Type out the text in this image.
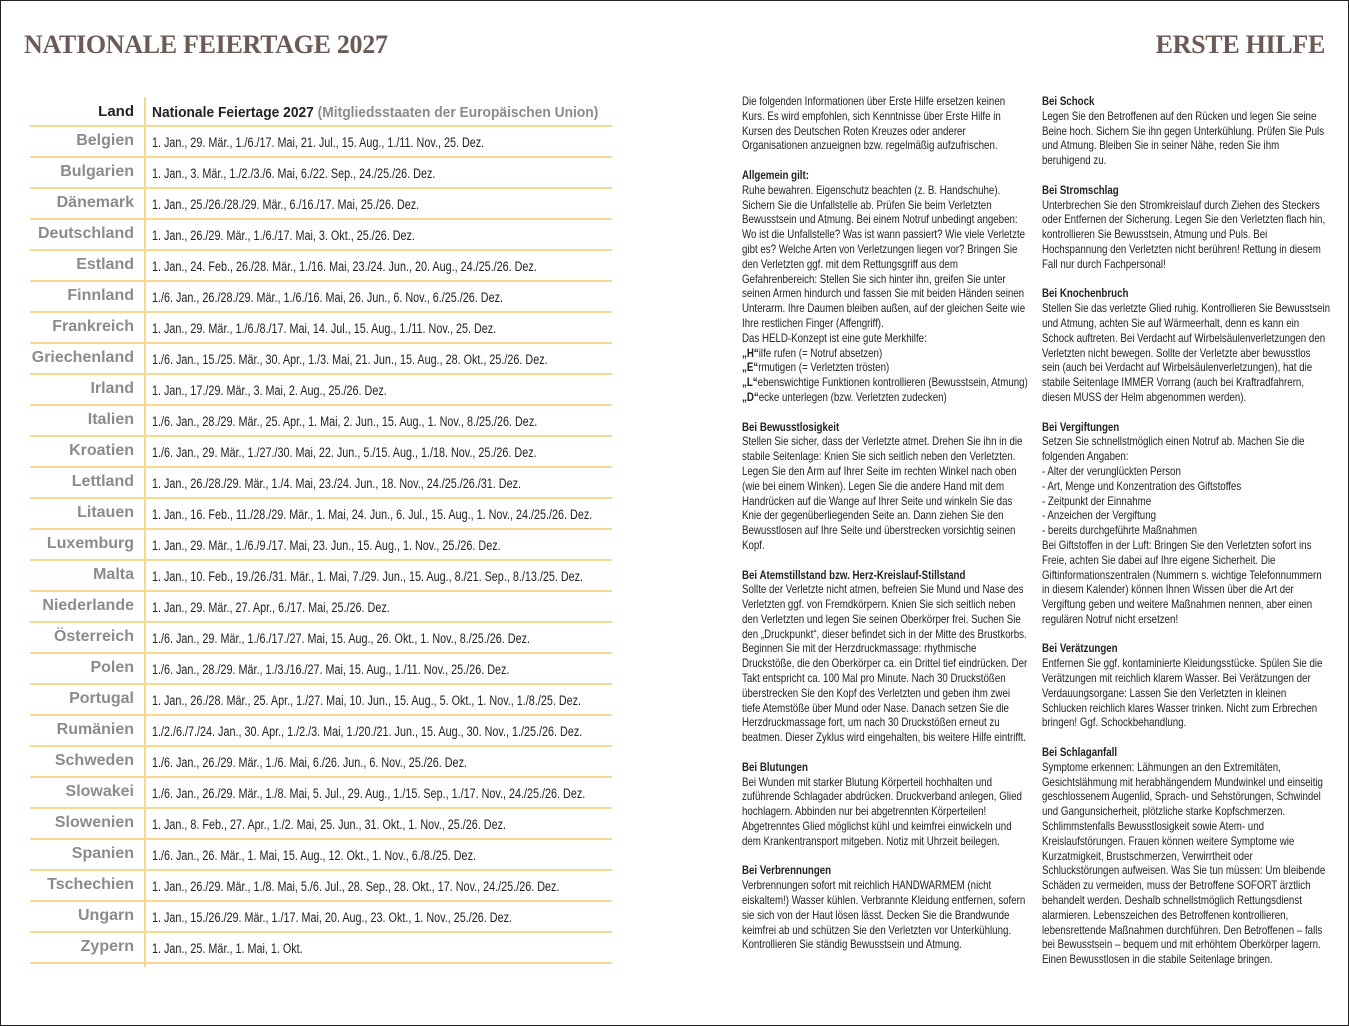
NATIONALE FEIERTAGE 2027	ERSTE HILFE
Land Nationale Feiertage 2027 (Mitgliedsstaaten der Europäischen Union)
Belgien 1. Jan., 29. Mär., 1./6./17. Mai, 21. Jul., 15. Aug., 1./11. Nov., 25. Dez.
Bulgarien 1. Jan., 3. Mär., 1./2./3./6. Mai, 6./22. Sep., 24./25./26. Dez.
Dänemark 1. Jan., 25./26./28./29. Mär., 6./16./17. Mai, 25./26. Dez.
Deutschland 1. Jan., 26./29. Mär., 1./6./17. Mai, 3. Okt., 25./26. Dez.
Estland 1. Jan., 24. Feb., 26./28. Mär., 1./16. Mai, 23./24. Jun., 20. Aug., 24./25./26. Dez.
Finnland 1./6. Jan., 26./28./29. Mär., 1./6./16. Mai, 26. Jun., 6. Nov., 6./25./26. Dez.
Frankreich 1. Jan., 29. Mär., 1./6./8./17. Mai, 14. Jul., 15. Aug., 1./11. Nov., 25. Dez.
Griechenland 1./6. Jan., 15./25. Mär., 30. Apr., 1./3. Mai, 21. Jun., 15. Aug., 28. Okt., 25./26. Dez.
Irland 1. Jan., 17./29. Mär., 3. Mai, 2. Aug., 25./26. Dez.
Italien 1./6. Jan., 28./29. Mär., 25. Apr., 1. Mai, 2. Jun., 15. Aug., 1. Nov., 8./25./26. Dez.
Kroatien 1./6. Jan., 29. Mär., 1./27./30. Mai, 22. Jun., 5./15. Aug., 1./18. Nov., 25./26. Dez.
Lettland 1. Jan., 26./28./29. Mär., 1./4. Mai, 23./24. Jun., 18. Nov., 24./25./26./31. Dez.
Litauen 1. Jan., 16. Feb., 11./28./29. Mär., 1. Mai, 24. Jun., 6. Jul., 15. Aug., 1. Nov., 24./25./26. Dez.
Luxemburg 1. Jan., 29. Mär., 1./6./9./17. Mai, 23. Jun., 15. Aug., 1. Nov., 25./26. Dez.
Malta 1. Jan., 10. Feb., 19./26./31. Mär., 1. Mai, 7./29. Jun., 15. Aug., 8./21. Sep., 8./13./25. Dez.
Niederlande 1. Jan., 29. Mär., 27. Apr., 6./17. Mai, 25./26. Dez.
Österreich 1./6. Jan., 29. Mär., 1./6./17./27. Mai, 15. Aug., 26. Okt., 1. Nov., 8./25./26. Dez.
Polen 1./6. Jan., 28./29. Mär., 1./3./16./27. Mai, 15. Aug., 1./11. Nov., 25./26. Dez.
Portugal 1. Jan., 26./28. Mär., 25. Apr., 1./27. Mai, 10. Jun., 15. Aug., 5. Okt., 1. Nov., 1./8./25. Dez.
Rumänien 1./2./6./7./24. Jan., 30. Apr., 1./2./3. Mai, 1./20./21. Jun., 15. Aug., 30. Nov., 1./25./26. Dez.
Schweden 1./6. Jan., 26./29. Mär., 1./6. Mai, 6./26. Jun., 6. Nov., 25./26. Dez.
Slowakei 1./6. Jan., 26./29. Mär., 1./8. Mai, 5. Jul., 29. Aug., 1./15. Sep., 1./17. Nov., 24./25./26. Dez.
Slowenien 1. Jan., 8. Feb., 27. Apr., 1./2. Mai, 25. Jun., 31. Okt., 1. Nov., 25./26. Dez.
Spanien 1./6. Jan., 26. Mär., 1. Mai, 15. Aug., 12. Okt., 1. Nov., 6./8./25. Dez.
Tschechien 1. Jan., 26./29. Mär., 1./8. Mai, 5./6. Jul., 28. Sep., 28. Okt., 17. Nov., 24./25./26. Dez.
Ungarn 1. Jan., 15./26./29. Mär., 1./17. Mai, 20. Aug., 23. Okt., 1. Nov., 25./26. Dez.
Zypern 1. Jan., 25. Mär., 1. Mai, 1. Okt.

Die folgenden Informationen über Erste Hilfe ersetzen keinen Kurs. Es wird empfohlen, sich Kenntnisse über Erste Hilfe in Kursen des Deutschen Roten Kreuzes oder anderer Organisationen anzueignen bzw. regelmäßig aufzufrischen.

Allgemein gilt:

Ruhe bewahren. Eigenschutz beachten (z. B. Handschuhe). Sichern Sie die Unfallstelle ab. Prüfen Sie beim Verletzten Bewusstsein und Atmung. Bei einem Notruf unbedingt angeben: Wo ist die Unfallstelle? Was ist wann passiert? Wie viele Verletzte gibt es? Welche Arten von Verletzungen liegen vor? Bringen Sie den Verletzten ggf. mit dem Rettungsgriff aus dem Gefahrenbereich: Stellen Sie sich hinter ihn, greifen Sie unter seinen Armen hindurch und fassen Sie mit beiden Händen seinen Unterarm. Ihre Daumen bleiben außen, auf der gleichen Seite wie Ihre restlichen Finger (Affengriff).

Das HELD-Konzept ist eine gute Merkhilfe:

„H“ilfe rufen (= Notruf absetzen)

„E“rmutigen (= Verletzten trösten)

„L“ebenswichtige Funktionen kontrollieren (Bewusstsein, Atmung)

„D“ecke unterlegen (bzw. Verletzten zudecken)

Bei Bewusstlosigkeit

Stellen Sie sicher, dass der Verletzte atmet. Drehen Sie ihn in die stabile Seitenlage: Knien Sie sich seitlich neben den Verletzten. Legen Sie den Arm auf Ihrer Seite im rechten Winkel nach oben (wie bei einem Winken). Legen Sie die andere Hand mit dem Handrücken auf die Wange auf Ihrer Seite und winkeln Sie das Knie der gegenüberliegenden Seite an. Dann ziehen Sie den Bewusstlosen auf Ihre Seite und überstrecken vorsichtig seinen Kopf.

Bei Atemstillstand bzw. Herz-Kreislauf-Stillstand

Sollte der Verletzte nicht atmen, befreien Sie Mund und Nase des Verletzten ggf. von Fremdkörpern. Knien Sie sich seitlich neben den Verletzten und legen Sie seinen Oberkörper frei. Suchen Sie den „Druckpunkt“, dieser befindet sich in der Mitte des Brustkorbs. Beginnen Sie mit der Herzdruckmassage: rhythmische Druckstöße, die den Oberkörper ca. ein Drittel tief eindrücken. Der Takt entspricht ca. 100 Mal pro Minute. Nach 30 Druckstößen überstrecken Sie den Kopf des Verletzten und geben ihm zwei tiefe Atemstöße über Mund oder Nase. Danach setzen Sie die Herzdruckmassage fort, um nach 30 Druckstößen erneut zu beatmen. Dieser Zyklus wird eingehalten, bis weitere Hilfe eintrifft.

Bei Blutungen

Bei Wunden mit starker Blutung Körperteil hochhalten und zuführende Schlagader abdrücken. Druckverband anlegen, Glied hochlagern. Abbinden nur bei abgetrennten Körperteilen! Abgetrenntes Glied möglichst kühl und keimfrei einwickeln und dem Krankentransport mitgeben. Notiz mit Uhrzeit beilegen.

Bei Verbrennungen

Verbrennungen sofort mit reichlich HANDWARMEM (nicht eiskaltem!) Wasser kühlen. Verbrannte Kleidung entfernen, sofern sie sich von der Haut lösen lässt. Decken Sie die Brandwunde keimfrei ab und schützen Sie den Verletzten vor Unterkühlung. Kontrollieren Sie ständig Bewusstsein und Atmung.

Bei Schock

Legen Sie den Betroffenen auf den Rücken und legen Sie seine Beine hoch. Sichern Sie ihn gegen Unterkühlung. Prüfen Sie Puls und Atmung. Bleiben Sie in seiner Nähe, reden Sie ihm beruhigend zu.

Bei Stromschlag

Unterbrechen Sie den Stromkreislauf durch Ziehen des Steckers oder Entfernen der Sicherung. Legen Sie den Verletzten flach hin, kontrollieren Sie Bewusstsein, Atmung und Puls. Bei Hochspannung den Verletzten nicht berühren! Rettung in diesem Fall nur durch Fachpersonal!

Bei Knochenbruch

Stellen Sie das verletzte Glied ruhig. Kontrollieren Sie Bewusstsein und Atmung, achten Sie auf Wärmeerhalt, denn es kann ein Schock auftreten. Bei Verdacht auf Wirbelsäulenverletzungen den Verletzten nicht bewegen. Sollte der Verletzte aber bewusstlos sein (auch bei Verdacht auf Wirbelsäulenverletzungen), hat die stabile Seitenlage IMMER Vorrang (auch bei Kraftradfahrern, diesen MUSS der Helm abgenommen werden).

Bei Vergiftungen

Setzen Sie schnellstmöglich einen Notruf ab. Machen Sie die folgenden Angaben:

- Alter der verunglückten Person

- Art, Menge und Konzentration des Giftstoffes

- Zeitpunkt der Einnahme

- Anzeichen der Vergiftung

- bereits durchgeführte Maßnahmen

Bei Giftstoffen in der Luft: Bringen Sie den Verletzten sofort ins Freie, achten Sie dabei auf Ihre eigene Sicherheit. Die Giftinformationszentralen (Nummern s. wichtige Telefonnummern in diesem Kalender) können Ihnen Wissen über die Art der Vergiftung geben und weitere Maßnahmen nennen, aber einen regulären Notruf nicht ersetzen!

Bei Verätzungen

Entfernen Sie ggf. kontaminierte Kleidungsstücke. Spülen Sie die Verätzungen mit reichlich klarem Wasser. Bei Verätzungen der Verdauungsorgane: Lassen Sie den Verletzten in kleinen Schlucken reichlich klares Wasser trinken. Nicht zum Erbrechen bringen! Ggf. Schockbehandlung.

Bei Schlaganfall

Symptome erkennen: Lähmungen an den Extremitäten, Gesichtslähmung mit herabhängendem Mundwinkel und einseitig geschlossenem Augenlid, Sprach- und Sehstörungen, Schwindel und Gangunsicherheit, plötzliche starke Kopfschmerzen. Schlimmstenfalls Bewusstlosigkeit sowie Atem- und Kreislaufstörungen. Frauen können weitere Symptome wie Kurzatmigkeit, Brustschmerzen, Verwirrtheit oder Schluckstörungen aufweisen. Was Sie tun müssen: Um bleibende Schäden zu vermeiden, muss der Betroffene SOFORT ärztlich behandelt werden. Deshalb schnellstmöglich Rettungsdienst alarmieren. Lebenszeichen des Betroffenen kontrollieren, lebensrettende Maßnahmen durchführen. Den Betroffenen – falls bei Bewusstsein – bequem und mit erhöhtem Oberkörper lagern. Einen Bewusstlosen in die stabile Seitenlage bringen.
